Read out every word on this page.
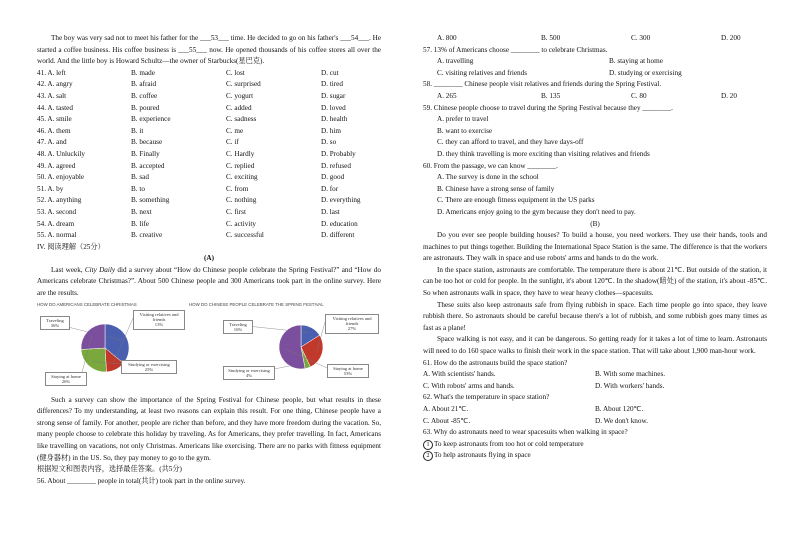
The boy was very sad not to meet his father for the ___53___ time. He decided to go on his father's ___54___. He started a coffee business. His coffee business is ___55___ now. He opened thousands of his coffee stores all over the world. And the little boy is Howard Schultz—the owner of Starbucks(星巴克).

41. A. left	B. made	C. lost	D. cut
42. A. angry	B. afraid	C. surprised	D. tired
43. A. salt	B. coffee	C. yogurt	D. sugar
44. A. tasted	B. poured	C. added	D. loved
45. A. smile	B. experience	C. sadness	D. health
46. A. them	B. it	C. me	D. him
47. A. and	B. because	C. if	D. so
48. A. Unluckily	B. Finally	C. Hardly	D. Probably
49. A. agreed	B. accepted	C. replied	D. refused
50. A. enjoyable	B. sad	C. exciting	D. good
51. A. by	B. to	C. from	D. for
52. A. anything	B. something	C. nothing	D. everything
53. A. second	B. next	C. first	D. last
54. A. dream	B. life	C. activity	D. education
55. A. normal	B. creative	C. successful	D. different

IV. 阅读理解（25分）

(A)

Last week, City Daily did a survey about “How do Chinese people celebrate the Spring Festival?” and “How do Americans celebrate Christmas?”. About 500 Chinese people and 300 Americans took part in the online survey. Here are the results.

HOW DO AMERICANS CELEBRATE CHRISTMAS
Traveling
36%
Visiting relatives and friends
13%
Studying or exercising
25%
Staying at home
26%
HOW DO CHINESE PEOPLE CELEBRATE THE SPRING FESTIVAL
Traveling
16%
Visiting relatives and friends
27%
Studying or exercising
4%
Staying at home
53%

Such a survey can show the importance of the Spring Festival for Chinese people, but what results in these differences? To my understanding, at least two reasons can explain this result. For one thing, Chinese people have a strong sense of family. For another, people are richer than before, and they have more freedom during the vacation. So, many people choose to celebrate this holiday by traveling. As for Americans, they prefer travelling. In fact, Americans like travelling on vacations, not only Christmas. Americans like exercising. There are no parks with fitness equipment (健身器材) in the US. So, they pay money to go to the gym.

根据短文和图表内容，选择最佳答案。(共5分)

56. About ________ people in total(共计) took part in the online survey.

A. 800	B. 500	C. 300	D. 200

57. 13% of Americans choose ________ to celebrate Christmas.

A. travelling	B. staying at home
C. visiting relatives and friends	D. studying or exercising

58. ________ Chinese people visit relatives and friends during the Spring Festival.

A. 265	B. 135	C. 80	D. 20

59. Chinese people choose to travel during the Spring Festival because they ________.

A. prefer to travel

B. want to exercise

C. they can afford to travel, and they have days-off

D. they think travelling is more exciting than visiting relatives and friends

60. From the passage, we can know ________.

A. The survey is done in the school

B. Chinese have a strong sense of family

C. There are enough fitness equipment in the US parks

D. Americans enjoy going to the gym because they don't need to pay.

(B)

Do you ever see people building houses? To build a house, you need workers. They use their hands, tools and machines to put things together. Building the International Space Station is the same. The difference is that the workers are astronauts. They walk in space and use robots' arms and hands to do the work.

In the space station, astronauts are comfortable. The temperature there is about 21℃. But outside of the station, it can be too hot or cold for people. In the sunlight, it's about 120℃. In the shadow(暗处) of the station, it's about -85℃. So when astronauts walk in space, they have to wear heavy clothes—spacesuits.

These suits also keep astronauts safe from flying rubbish in space. Each time people go into space, they leave rubbish there. So astronauts should be careful because there's a lot of rubbish, and some rubbish goes many times as fast as a plane!

Space walking is not easy, and it can be dangerous. So getting ready for it takes a lot of time to learn. Astronauts will need to do 160 space walks to finish their work in the space station. That will take about 1,900 man-hour work.

61. How do the astronauts build the space station?

A. With scientists' hands.	B. With some machines.
C. With robots' arms and hands.	D. With workers' hands.

62. What's the temperature in space station?

A. About 21℃.	B. About 120℃.
C. About -85℃.	D. We don't know.

63. Why do astronauts need to wear spacesuits when walking in space?

1 To keep astronauts from too hot or cold temperature

2 To help astronauts flying in space
